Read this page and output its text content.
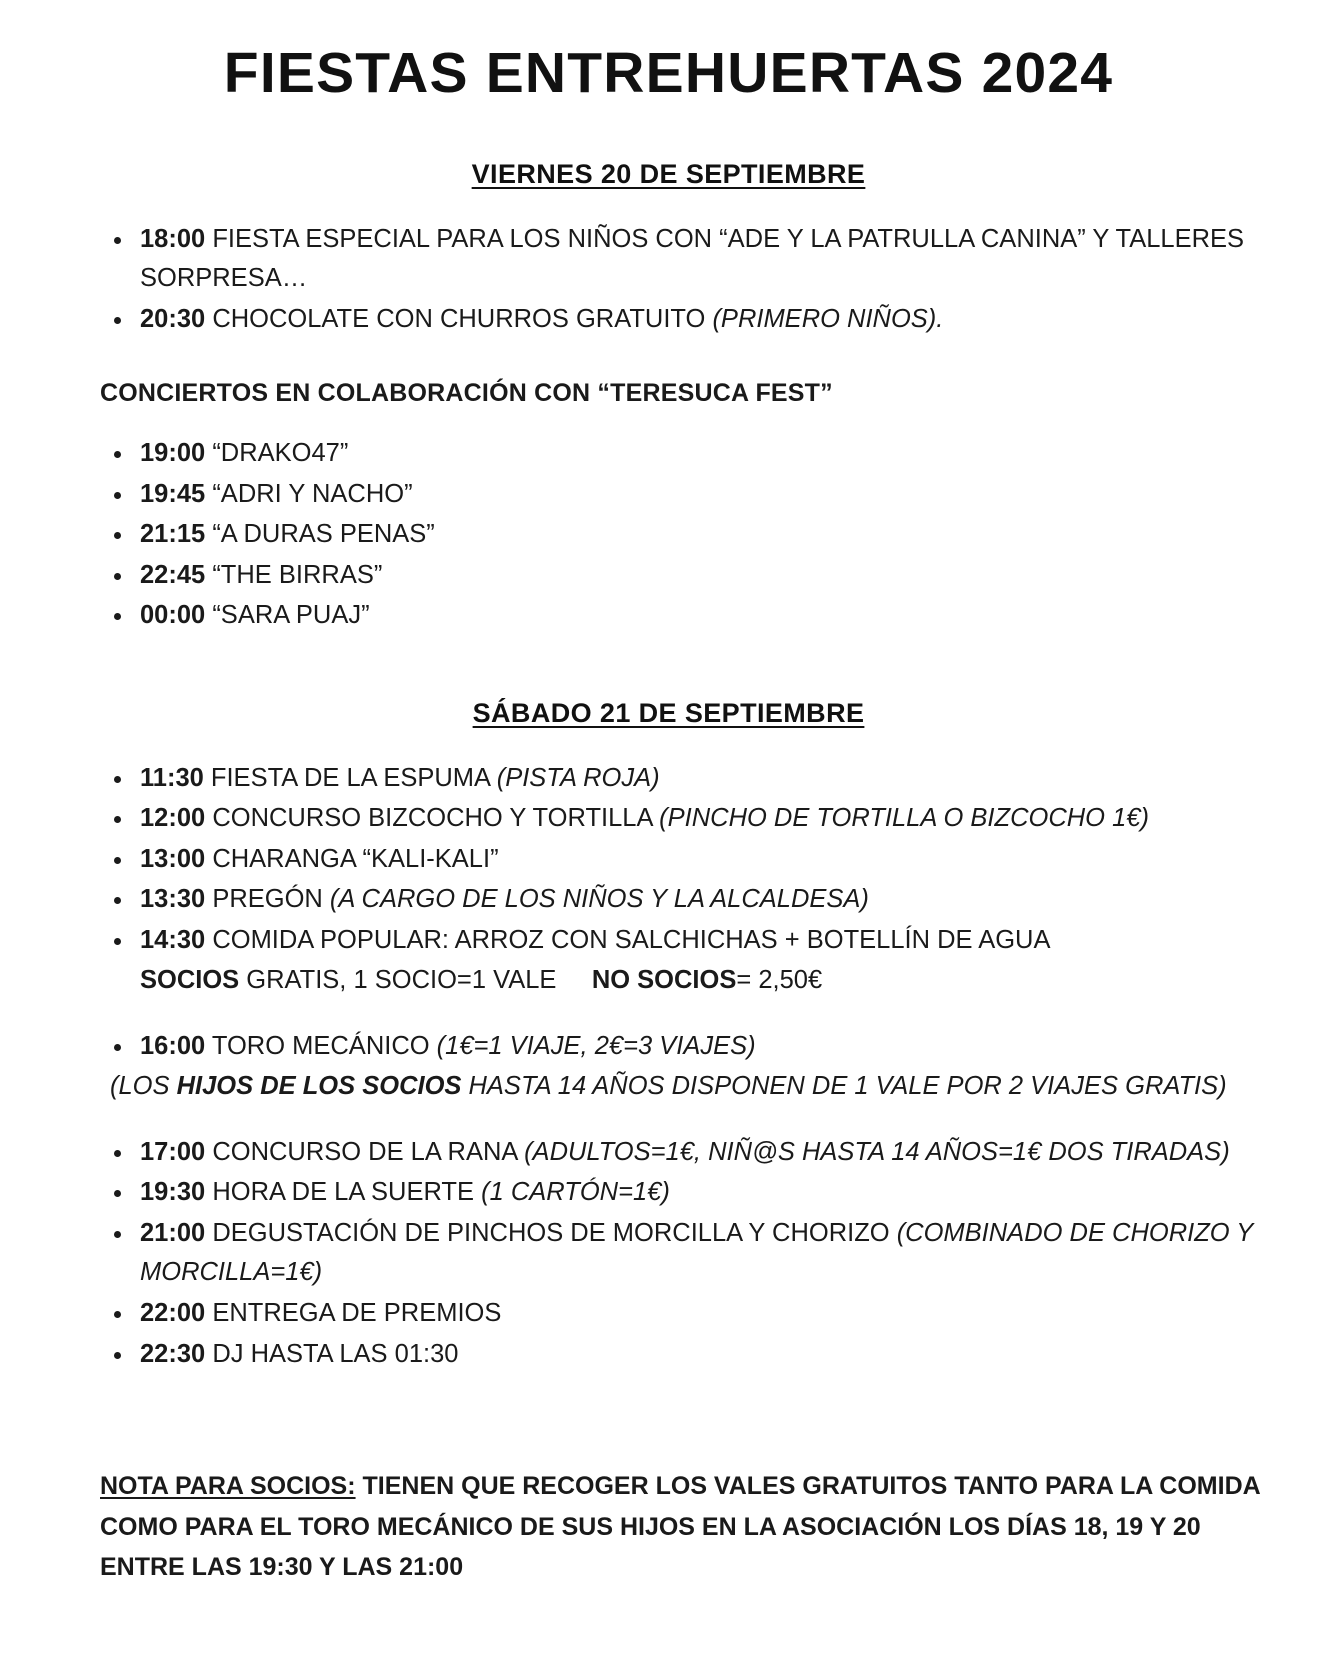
FIESTAS ENTREHUERTAS 2024
VIERNES 20 DE SEPTIEMBRE
• 18:00 FIESTA ESPECIAL PARA LOS NIÑOS CON “ADE Y LA PATRULLA CANINA” Y TALLERES SORPRESA…
• 20:30 CHOCOLATE CON CHURROS GRATUITO (PRIMERO NIÑOS).
CONCIERTOS EN COLABORACIÓN CON “TERESUCA FEST”
• 19:00 “DRAKO47”
• 19:45 “ADRI Y NACHO”
• 21:15 “A DURAS PENAS”
• 22:45 “THE BIRRAS”
• 00:00 “SARA PUAJ”
SÁBADO 21 DE SEPTIEMBRE
• 11:30 FIESTA DE LA ESPUMA (PISTA ROJA)
• 12:00 CONCURSO BIZCOCHO Y TORTILLA (PINCHO DE TORTILLA O BIZCOCHO 1€)
• 13:00 CHARANGA “KALI-KALI”
• 13:30 PREGÓN (A CARGO DE LOS NIÑOS Y LA ALCALDESA)
• 14:30 COMIDA POPULAR: ARROZ CON SALCHICHAS + BOTELLÍN DE AGUA
SOCIOS GRATIS, 1 SOCIO=1 VALE NO SOCIOS= 2,50€
• 16:00 TORO MECÁNICO (1€=1 VIAJE, 2€=3 VIAJES)
(LOS HIJOS DE LOS SOCIOS HASTA 14 AÑOS DISPONEN DE 1 VALE POR 2 VIAJES GRATIS)
• 17:00 CONCURSO DE LA RANA (ADULTOS=1€, NIÑ@S HASTA 14 AÑOS=1€ DOS TIRADAS)
• 19:30 HORA DE LA SUERTE (1 CARTÓN=1€)
• 21:00 DEGUSTACIÓN DE PINCHOS DE MORCILLA Y CHORIZO (COMBINADO DE CHORIZO Y MORCILLA=1€)
• 22:00 ENTREGA DE PREMIOS
• 22:30 DJ HASTA LAS 01:30
NOTA PARA SOCIOS: TIENEN QUE RECOGER LOS VALES GRATUITOS TANTO PARA LA COMIDA COMO PARA EL TORO MECÁNICO DE SUS HIJOS EN LA ASOCIACIÓN LOS DÍAS 18, 19 Y 20 ENTRE LAS 19:30 Y LAS 21:00
